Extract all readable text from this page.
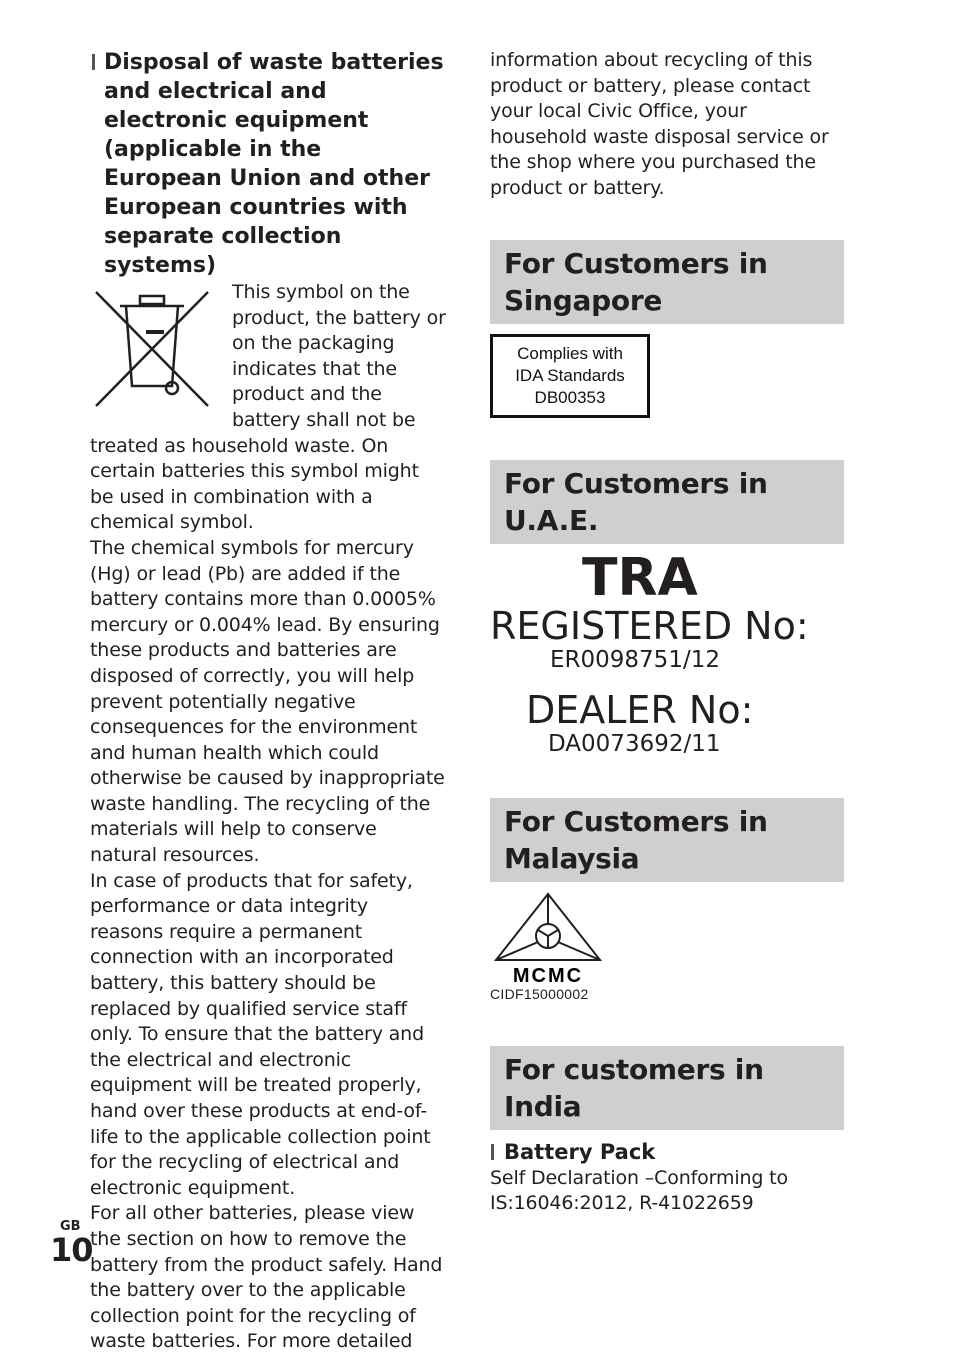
Disposal of waste batteries and electrical and electronic equipment (applicable in the European Union and other European countries with separate collection systems)

This symbol on the product, the battery or on the packaging indicates that the product and the battery shall not be treated as household waste. On certain batteries this symbol might be used in combination with a chemical symbol.

The chemical symbols for mercury (Hg) or lead (Pb) are added if the battery contains more than 0.0005% mercury or 0.004% lead. By ensuring these products and batteries are disposed of correctly, you will help prevent potentially negative consequences for the environment and human health which could otherwise be caused by inappropriate waste handling. The recycling of the materials will help to conserve natural resources.

In case of products that for safety, performance or data integrity reasons require a permanent connection with an incorporated battery, this battery should be replaced by qualified service staff only. To ensure that the battery and the electrical and electronic equipment will be treated properly, hand over these products at end-of-life to the applicable collection point for the recycling of electrical and electronic equipment.

For all other batteries, please view the section on how to remove the battery from the product safely. Hand the battery over to the applicable collection point for the recycling of waste batteries. For more detailed

information about recycling of this product or battery, please contact your local Civic Office, your household waste disposal service or the shop where you purchased the product or battery.

For Customers in Singapore
Complies with
IDA Standards
DB00353
For Customers in U.A.E.
TRA
REGISTERED No:
ER0098751/12
DEALER No:
DA0073692/11
For Customers in Malaysia
MCMC
CIDF15000002
For customers in India
Battery Pack

Self Declaration –Conforming to IS:16046:2012, R-41022659

GB
10
